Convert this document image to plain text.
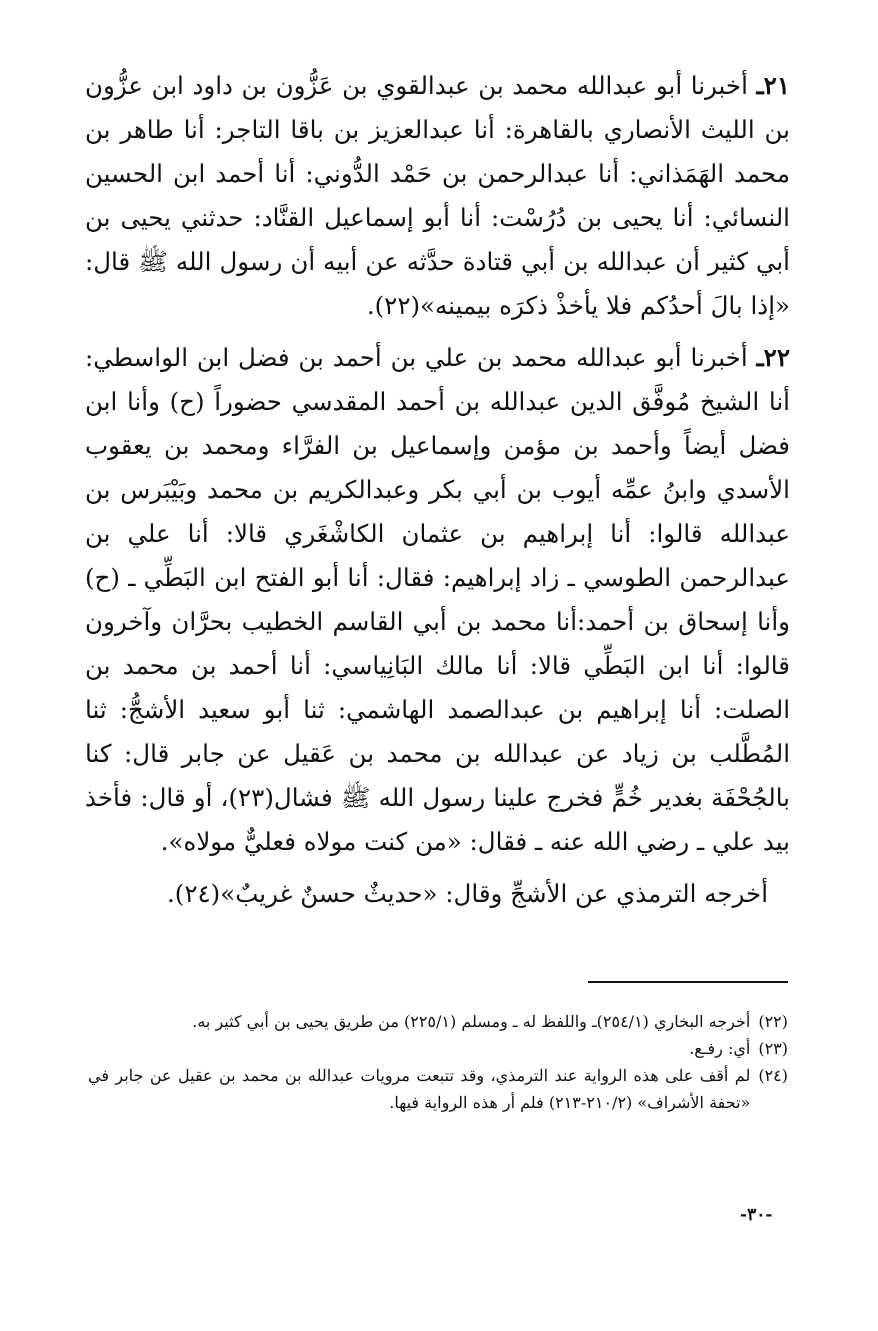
٢١ـ أخبرنا أبو عبدالله محمد بن عبدالقوي بن عَزُّون بن داود ابن عزُّون بن الليث الأنصاري بالقاهرة: أنا عبدالعزيز بن باقا التاجر: أنا طاهر بن محمد الهَمَذاني: أنا عبدالرحمن بن حَمْد الدُّوني: أنا أحمد ابن الحسين النسائي: أنا يحيى بن دُرُسْت: أنا أبو إسماعيل القنَّاد: حدثني يحيى بن أبي كثير أن عبدالله بن أبي قتادة حدَّثه عن أبيه أن رسول الله ﷺ قال: «إذا بالَ أحدُكم فلا يأخذْ ذكرَه بيمينه»(٢٢).

٢٢ـ أخبرنا أبو عبدالله محمد بن علي بن أحمد بن فضل ابن الواسطي: أنا الشيخ مُوفَّق الدين عبدالله بن أحمد المقدسي حضوراً (ح) وأنا ابن فضل أيضاً وأحمد بن مؤمن وإسماعيل بن الفرَّاء ومحمد بن يعقوب الأسدي وابنُ عمِّه أيوب بن أبي بكر وعبدالكريم بن محمد وبَيْبَرس بن عبدالله قالوا: أنا إبراهيم بن عثمان الكاشْغَري قالا: أنا علي بن عبدالرحمن الطوسي ـ زاد إبراهيم: فقال: أنا أبو الفتح ابن البَطِّي ـ (ح) وأنا إسحاق بن أحمد:أنا محمد بن أبي القاسم الخطيب بحرَّان وآخرون قالوا: أنا ابن البَطِّي قالا: أنا مالك البَانِياسي: أنا أحمد بن محمد بن الصلت: أنا إبراهيم بن عبدالصمد الهاشمي: ثنا أبو سعيد الأشجُّ: ثنا المُطَّلب بن زياد عن عبدالله بن محمد بن عَقيل عن جابر قال: كنا بالجُحْفَة بغدير خُمٍّ فخرج علينا رسول الله ﷺ فشال(٢٣)، أو قال: فأخذ بيد علي ـ رضي الله عنه ـ فقال: «من كنت مولاه فعليٌّ مولاه».

أخرجه الترمذي عن الأشجِّ وقال: «حديثٌ حسنٌ غريبٌ»(٢٤).

(٢٢)
أخرجه البخاري (٢٥٤/١)ـ واللفظ له ـ ومسلم (٢٢٥/١) من طريق يحيى بن أبي كثير به.
(٢٣)
أي: رفـع.
(٢٤)
لم أقف على هذه الرواية عند الترمذي، وقد تتبعت مرويات عبدالله بن محمد بن عقيل عن جابر في «تحفة الأشراف» (٢١٠/٢-٢١٣) فلم أر هذه الرواية فيها.
-٣٠-
